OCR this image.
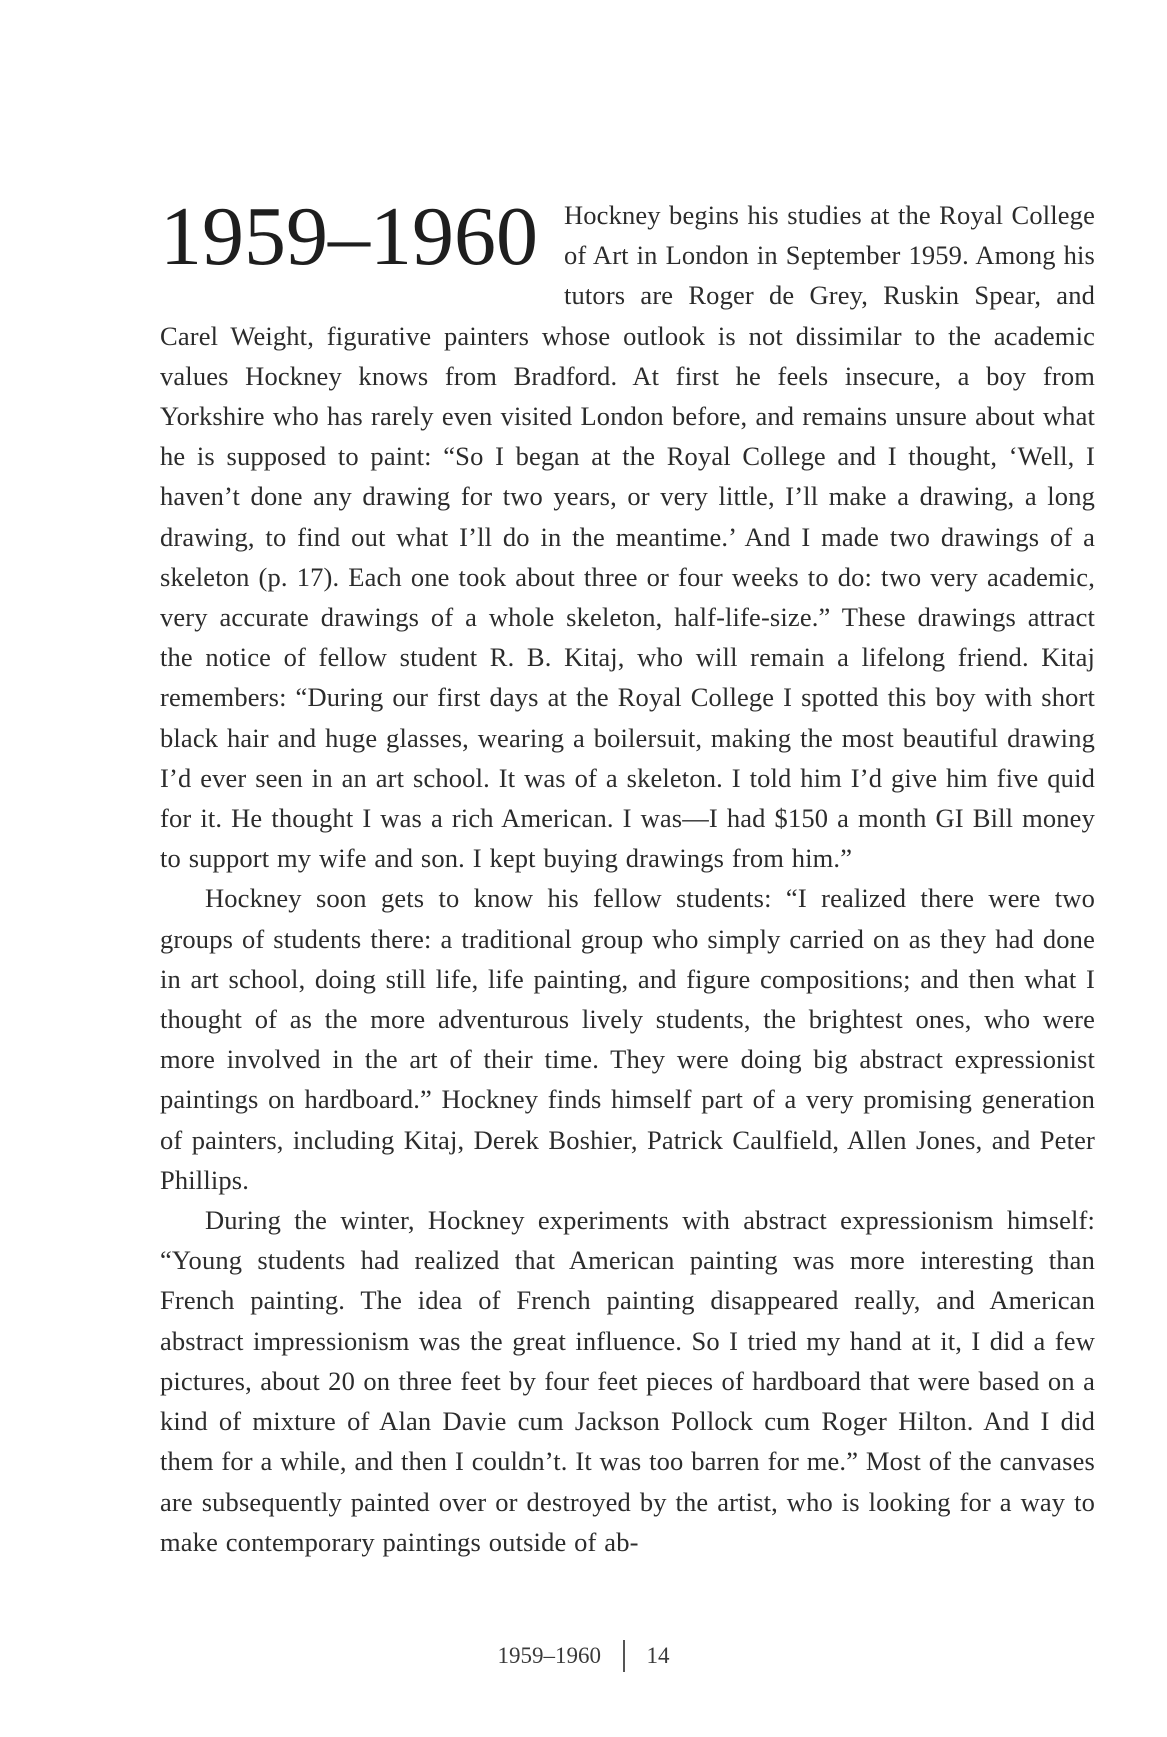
1959–1960 Hockney begins his studies at the Royal College of Art in London in September 1959. Among his tutors are Roger de Grey, Ruskin Spear, and Carel Weight, figurative painters whose outlook is not dissimilar to the academic values Hockney knows from Bradford. At first he feels insecure, a boy from Yorkshire who has rarely even visited London before, and remains unsure about what he is supposed to paint: “So I began at the Royal College and I thought, ‘Well, I haven’t done any drawing for two years, or very little, I’ll make a drawing, a long drawing, to find out what I’ll do in the meantime.’ And I made two drawings of a skeleton (p. 17). Each one took about three or four weeks to do: two very academic, very accurate drawings of a whole skeleton, half-life-size.” These drawings attract the notice of fellow student R. B. Kitaj, who will remain a lifelong friend. Kitaj remembers: “During our first days at the Royal College I spotted this boy with short black hair and huge glasses, wearing a boilersuit, making the most beautiful drawing I’d ever seen in an art school. It was of a skeleton. I told him I’d give him five quid for it. He thought I was a rich American. I was—I had $150 a month GI Bill money to support my wife and son. I kept buying drawings from him.”

Hockney soon gets to know his fellow students: “I realized there were two groups of students there: a traditional group who simply carried on as they had done in art school, doing still life, life painting, and figure compositions; and then what I thought of as the more adventurous lively students, the brightest ones, who were more involved in the art of their time. They were doing big abstract expressionist paintings on hardboard.” Hockney finds himself part of a very promising generation of painters, including Kitaj, Derek Boshier, Patrick Caulfield, Allen Jones, and Peter Phillips.

During the winter, Hockney experiments with abstract expressionism himself: “Young students had realized that American painting was more interesting than French painting. The idea of French painting disappeared really, and American abstract impressionism was the great influence. So I tried my hand at it, I did a few pictures, about 20 on three feet by four feet pieces of hardboard that were based on a kind of mixture of Alan Davie cum Jackson Pollock cum Roger Hilton. And I did them for a while, and then I couldn’t. It was too barren for me.” Most of the canvases are subsequently painted over or destroyed by the artist, who is looking for a way to make contemporary paintings outside of ab-

1959–1960	14
